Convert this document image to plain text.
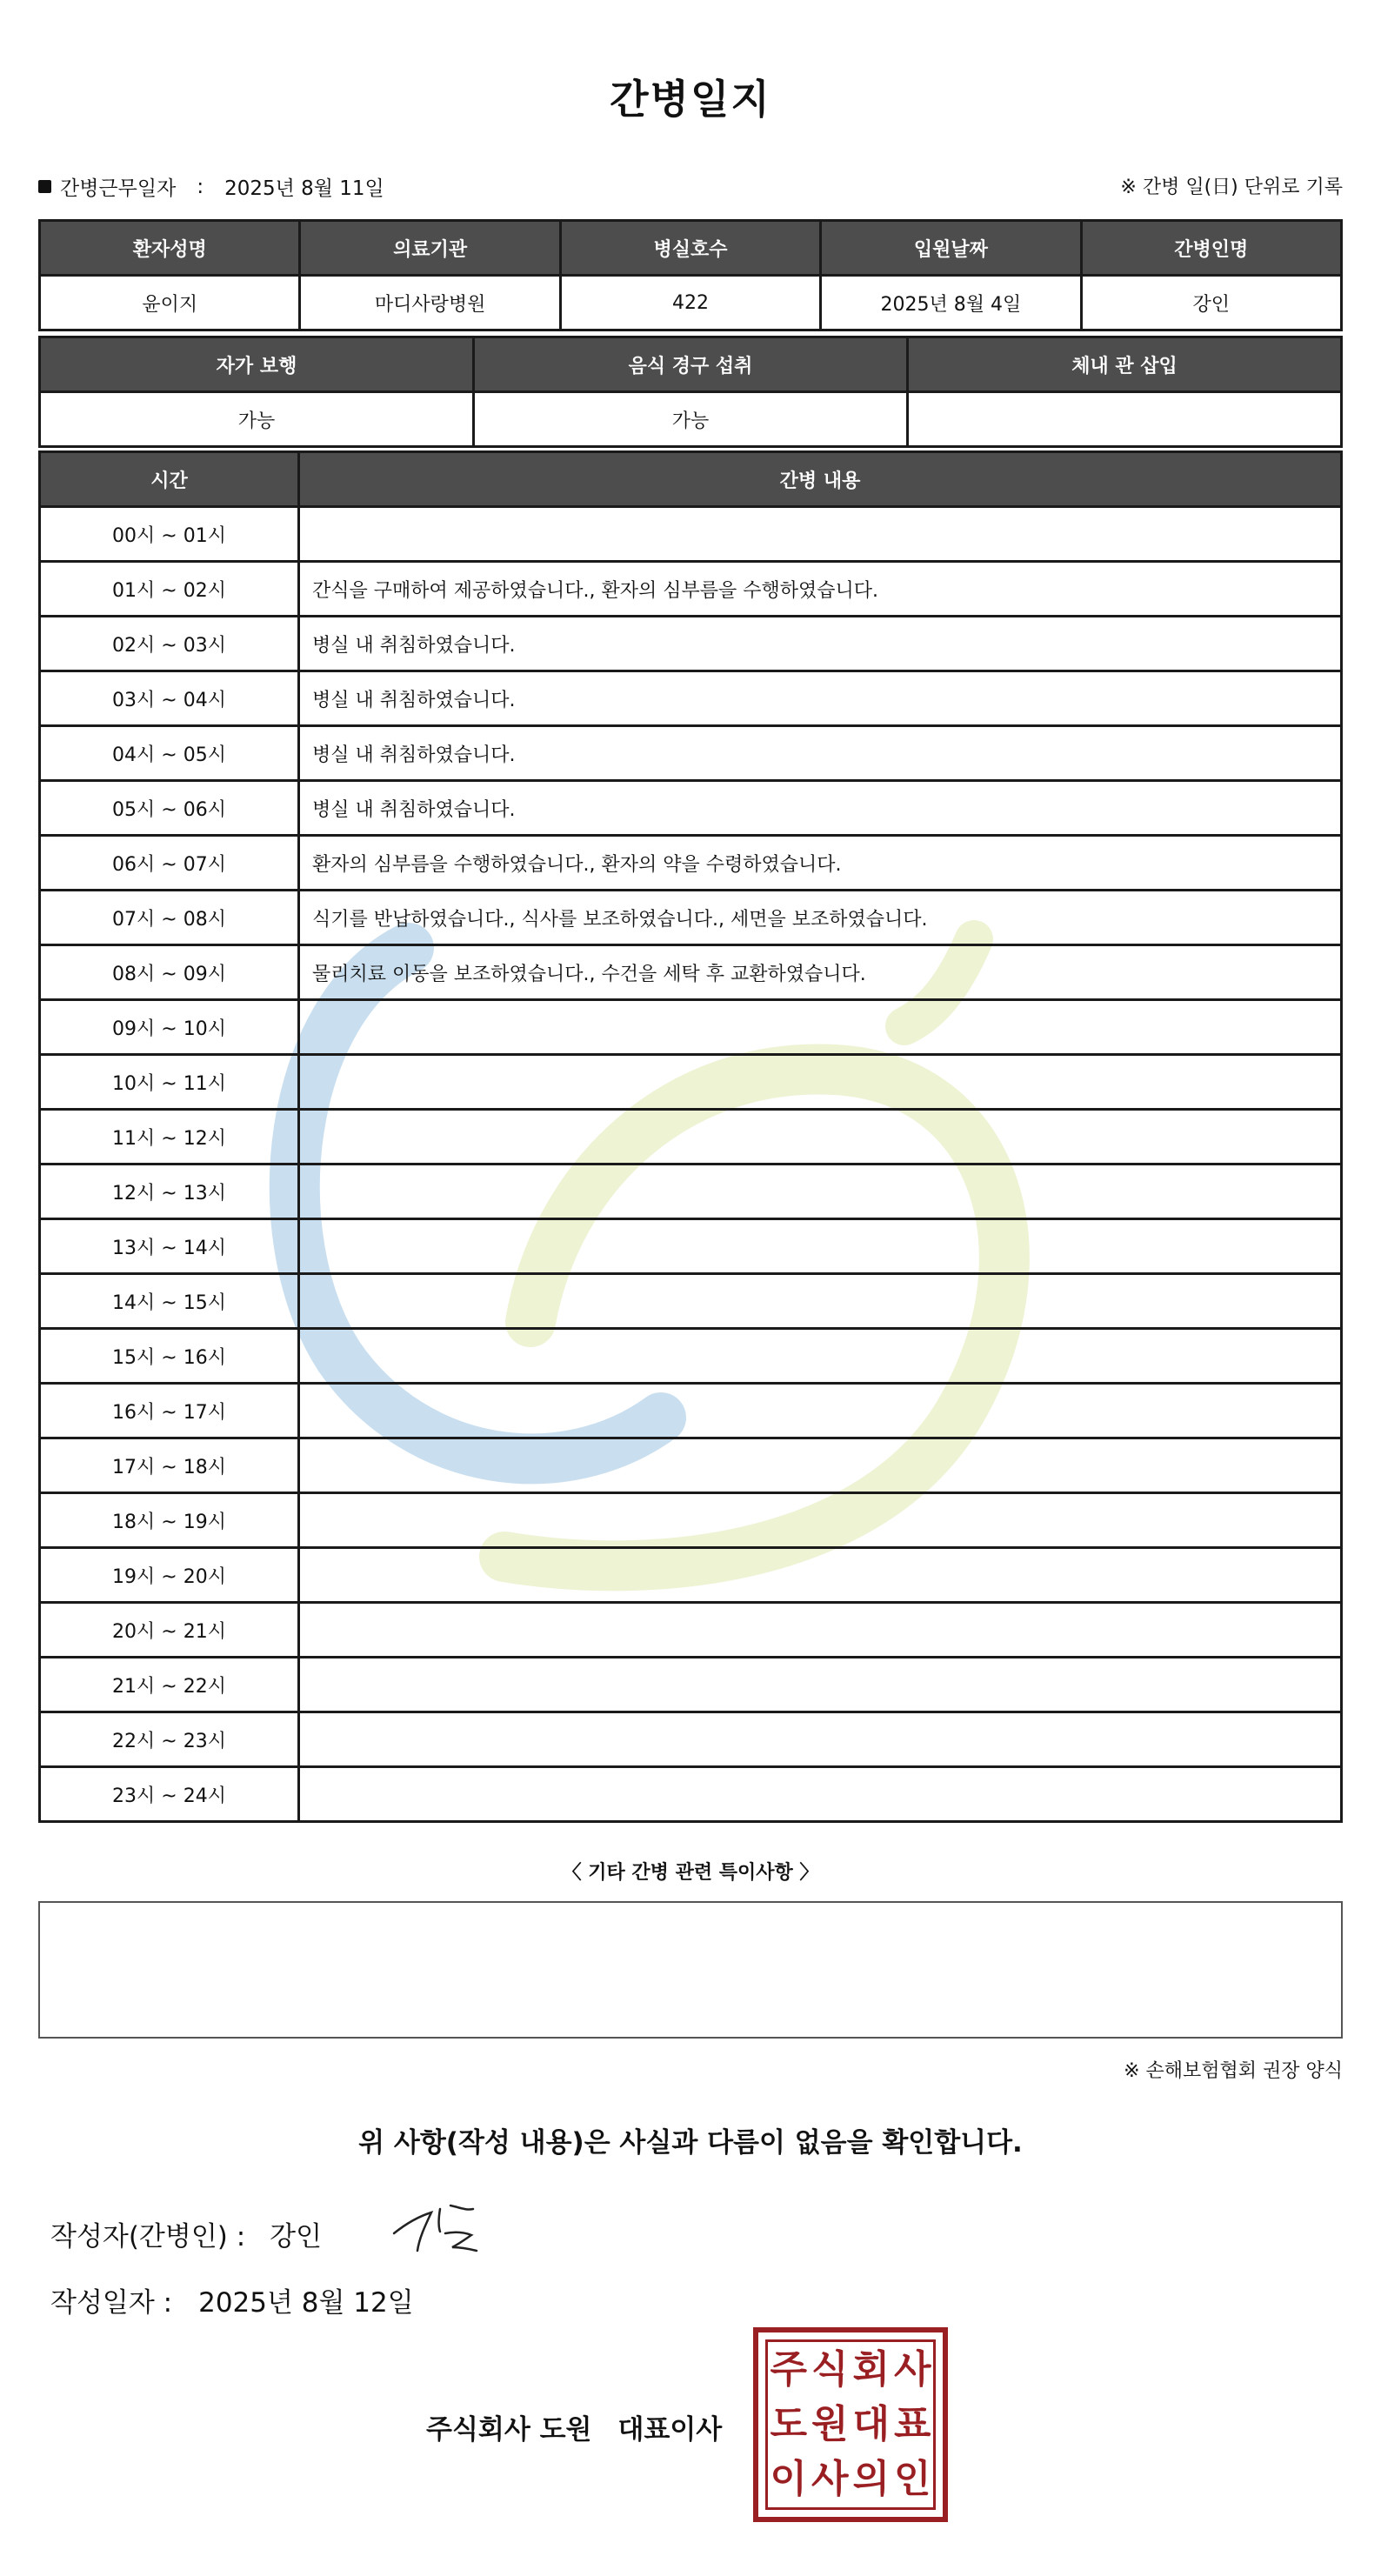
간병일지
간병근무일자 : 2025년 8월 11일	※ 간병 일(日) 단위로 기록
환자성명	의료기관	병실호수	입원날짜	간병인명
윤이지	마디사랑병원	422	2025년 8월 4일	강인
자가 보행	음식 경구 섭취	체내 관 삽입
가능	가능	
시간	간병 내용
00시 ~ 01시	
01시 ~ 02시	간식을 구매하여 제공하였습니다., 환자의 심부름을 수행하였습니다.
02시 ~ 03시	병실 내 취침하였습니다.
03시 ~ 04시	병실 내 취침하였습니다.
04시 ~ 05시	병실 내 취침하였습니다.
05시 ~ 06시	병실 내 취침하였습니다.
06시 ~ 07시	환자의 심부름을 수행하였습니다., 환자의 약을 수령하였습니다.
07시 ~ 08시	식기를 반납하였습니다., 식사를 보조하였습니다., 세면을 보조하였습니다.
08시 ~ 09시	물리치료 이동을 보조하였습니다., 수건을 세탁 후 교환하였습니다.
09시 ~ 10시	
10시 ~ 11시	
11시 ~ 12시	
12시 ~ 13시	
13시 ~ 14시	
14시 ~ 15시	
15시 ~ 16시	
16시 ~ 17시	
17시 ~ 18시	
18시 ~ 19시	
19시 ~ 20시	
20시 ~ 21시	
21시 ~ 22시	
22시 ~ 23시	
23시 ~ 24시	
〈 기타 간병 관련 특이사항 〉
※ 손해보험협회 권장 양식
위 사항(작성 내용)은 사실과 다름이 없음을 확인합니다.
작성자(간병인) : 강인
작성일자 : 2025년 8월 12일
주식회사 도원 대표이사
주 식 회 사
도 원 대 표
이 사 의 인
